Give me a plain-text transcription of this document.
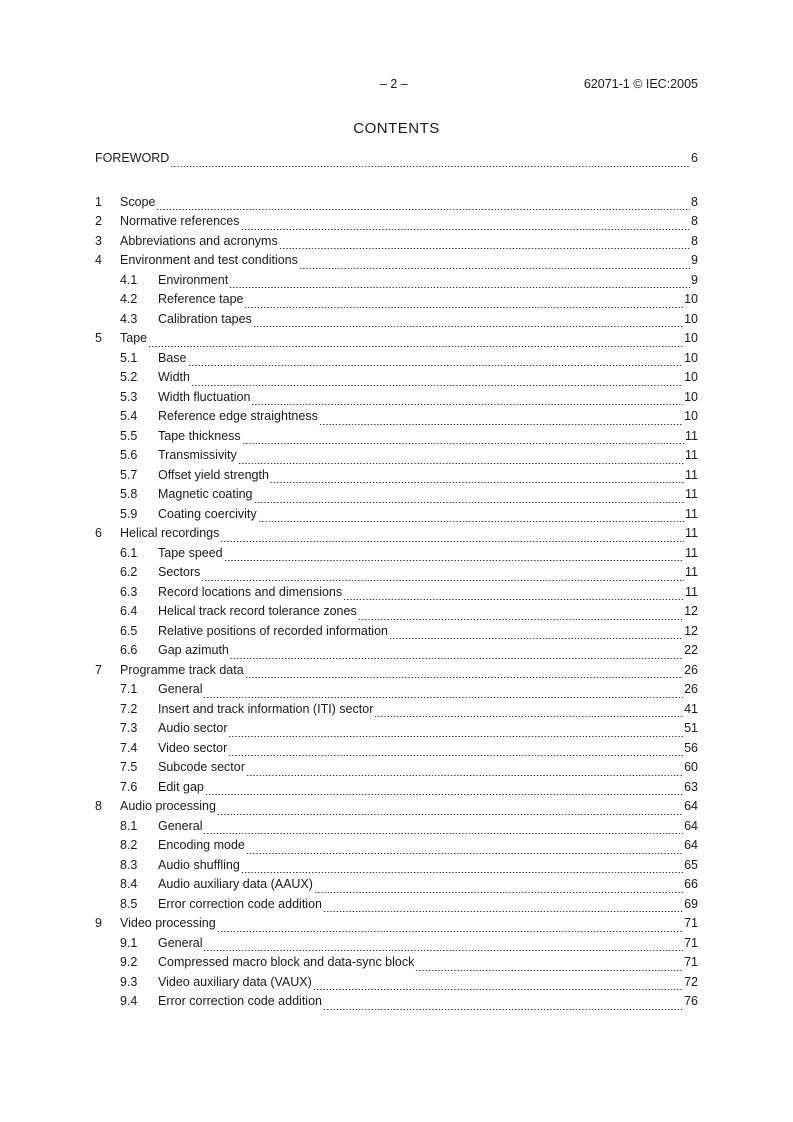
– 2 –	62071-1 © IEC:2005
CONTENTS
FOREWORD	6
1	Scope	8
2	Normative references	8
3	Abbreviations and acronyms	8
4	Environment and test conditions	9
4.1	Environment	9
4.2	Reference tape	10
4.3	Calibration tapes	10
5	Tape	10
5.1	Base	10
5.2	Width	10
5.3	Width fluctuation	10
5.4	Reference edge straightness	10
5.5	Tape thickness	11
5.6	Transmissivity	11
5.7	Offset yield strength	11
5.8	Magnetic coating	11
5.9	Coating coercivity	11
6	Helical recordings	11
6.1	Tape speed	11
6.2	Sectors	11
6.3	Record locations and dimensions	11
6.4	Helical track record tolerance zones	12
6.5	Relative positions of recorded information	12
6.6	Gap azimuth	22
7	Programme track data	26
7.1	General	26
7.2	Insert and track information (ITI) sector	41
7.3	Audio sector	51
7.4	Video sector	56
7.5	Subcode sector	60
7.6	Edit gap	63
8	Audio processing	64
8.1	General	64
8.2	Encoding mode	64
8.3	Audio shuffling	65
8.4	Audio auxiliary data (AAUX)	66
8.5	Error correction code addition	69
9	Video processing	71
9.1	General	71
9.2	Compressed macro block and data-sync block	71
9.3	Video auxiliary data (VAUX)	72
9.4	Error correction code addition	76
